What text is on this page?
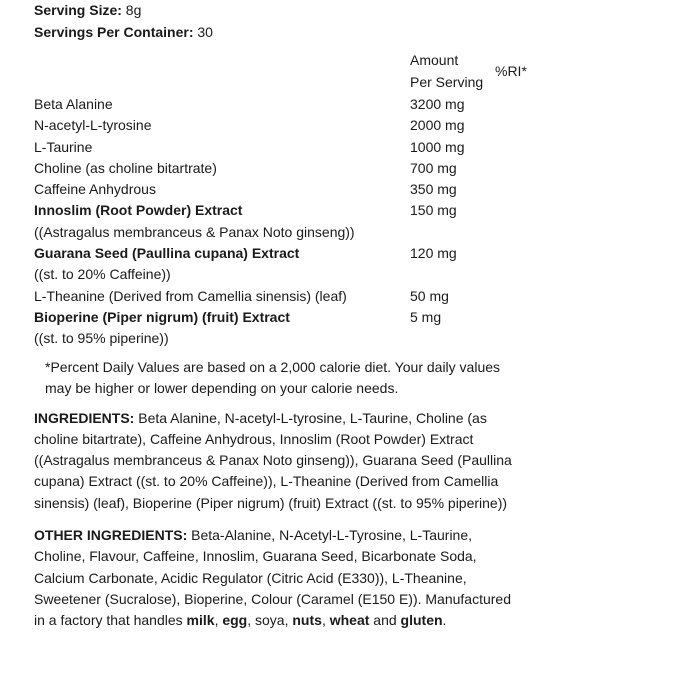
Serving Size: 8g
Servings Per Container: 30
Amount
Per Serving
%RI*
Beta Alanine	3200 mg
N-acetyl-L-tyrosine	2000 mg
L-Taurine	1000 mg
Choline (as choline bitartrate)	700 mg
Caffeine Anhydrous	350 mg
Innoslim (Root Powder) Extract	150 mg
((Astragalus membranceus & Panax Noto ginseng))
Guarana Seed (Paullina cupana) Extract	120 mg
((st. to 20% Caffeine))
L-Theanine (Derived from Camellia sinensis) (leaf)	50 mg
Bioperine (Piper nigrum) (fruit) Extract	5 mg
((st. to 95% piperine))
*Percent Daily Values are based on a 2,000 calorie diet. Your daily values may be higher or lower depending on your calorie needs.
INGREDIENTS: Beta Alanine, N-acetyl-L-tyrosine, L-Taurine, Choline (as choline bitartrate), Caffeine Anhydrous, Innoslim (Root Powder) Extract ((Astragalus membranceus & Panax Noto ginseng)), Guarana Seed (Paullina cupana) Extract ((st. to 20% Caffeine)), L-Theanine (Derived from Camellia sinensis) (leaf), Bioperine (Piper nigrum) (fruit) Extract ((st. to 95% piperine))
OTHER INGREDIENTS: Beta-Alanine, N-Acetyl-L-Tyrosine, L-Taurine, Choline, Flavour, Caffeine, Innoslim, Guarana Seed, Bicarbonate Soda, Calcium Carbonate, Acidic Regulator (Citric Acid (E330)), L-Theanine, Sweetener (Sucralose), Bioperine, Colour (Caramel (E150 E)). Manufactured in a factory that handles milk, egg, soya, nuts, wheat and gluten.
